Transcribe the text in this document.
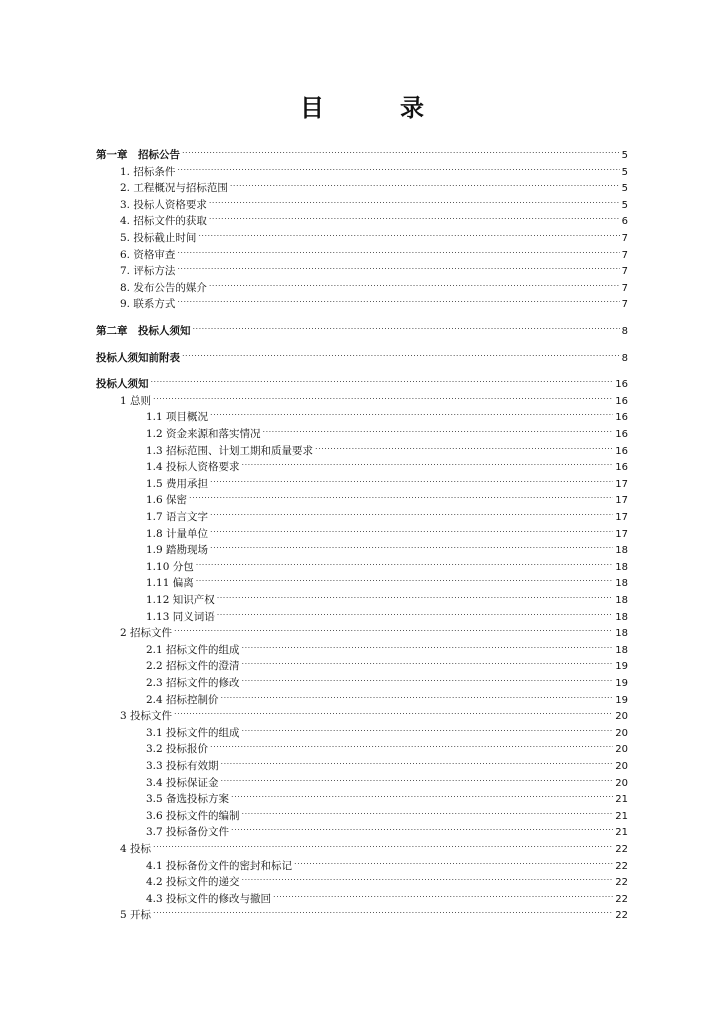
目　录
第一章　招标公告 .....	5
1. 招标条件 .....	5
2. 工程概况与招标范围 .....	5
3. 投标人资格要求 .....	5
4. 招标文件的获取 .....	6
5. 投标截止时间 .....	7
6. 资格审查 .....	7
7. 评标方法 .....	7
8. 发布公告的媒介 .....	7
9. 联系方式 .....	7
第二章　投标人须知 .....	8
投标人须知前附表 .....	8
投标人须知 .....	16
1 总则 .....	16
1.1 项目概况 .....	16
1.2 资金来源和落实情况 .....	16
1.3 招标范围、计划工期和质量要求 .....	16
1.4 投标人资格要求 .....	16
1.5 费用承担 .....	17
1.6 保密 .....	17
1.7 语言文字 .....	17
1.8 计量单位 .....	17
1.9 踏勘现场 .....	18
1.10 分包 .....	18
1.11 偏离 .....	18
1.12 知识产权 .....	18
1.13 同义词语 .....	18
2 招标文件 .....	18
2.1 招标文件的组成 .....	18
2.2 招标文件的澄清 .....	19
2.3 招标文件的修改 .....	19
2.4 招标控制价 .....	19
3 投标文件 .....	20
3.1 投标文件的组成 .....	20
3.2 投标报价 .....	20
3.3 投标有效期 .....	20
3.4 投标保证金 .....	20
3.5 备选投标方案 .....	21
3.6 投标文件的编制 .....	21
3.7 投标备份文件 .....	21
4 投标 .....	22
4.1 投标备份文件的密封和标记 .....	22
4.2 投标文件的递交 .....	22
4.3 投标文件的修改与撤回 .....	22
5 开标 .....	22
